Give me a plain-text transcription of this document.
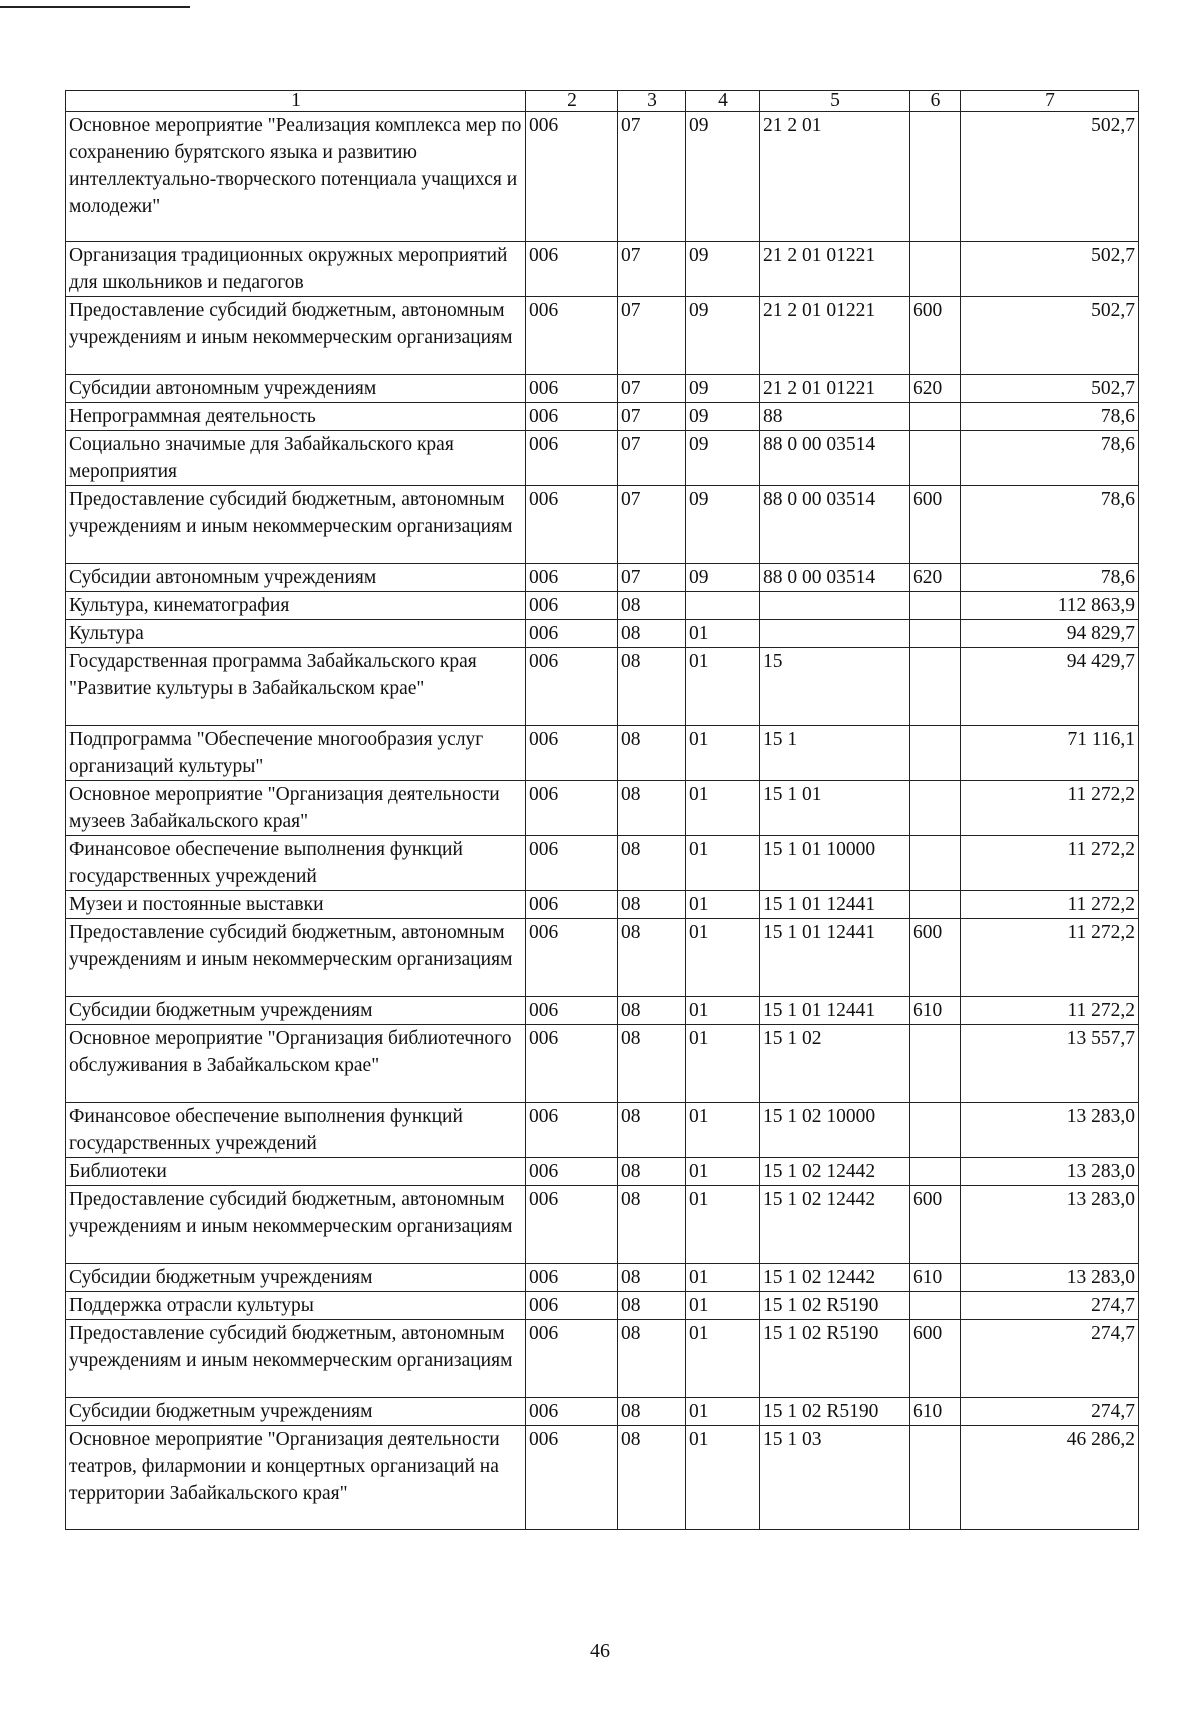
1	2	3	4	5	6	7
Основное мероприятие "Реализация комплекса мер по сохранению бурятского языка и развитию интеллектуально-творческого потенциала учащихся и молодежи"	006	07	09	21 2 01		502,7
Организация традиционных окружных мероприятий для школьников и педагогов	006	07	09	21 2 01 01221		502,7
Предоставление субсидий бюджетным, автономным учреждениям и иным некоммерческим организациям	006	07	09	21 2 01 01221	600	502,7
Субсидии автономным учреждениям	006	07	09	21 2 01 01221	620	502,7
Непрограммная деятельность	006	07	09	88		78,6
Социально значимые для Забайкальского края мероприятия	006	07	09	88 0 00 03514		78,6
Предоставление субсидий бюджетным, автономным учреждениям и иным некоммерческим организациям	006	07	09	88 0 00 03514	600	78,6
Субсидии автономным учреждениям	006	07	09	88 0 00 03514	620	78,6
Культура, кинематография	006	08				112 863,9
Культура	006	08	01			94 829,7
Государственная программа Забайкальского края "Развитие культуры в Забайкальском крае"	006	08	01	15		94 429,7
Подпрограмма "Обеспечение многообразия услуг организаций культуры"	006	08	01	15 1		71 116,1
Основное мероприятие "Организация деятельности музеев Забайкальского края"	006	08	01	15 1 01		11 272,2
Финансовое обеспечение выполнения функций государственных учреждений	006	08	01	15 1 01 10000		11 272,2
Музеи и постоянные выставки	006	08	01	15 1 01 12441		11 272,2
Предоставление субсидий бюджетным, автономным учреждениям и иным некоммерческим организациям	006	08	01	15 1 01 12441	600	11 272,2
Субсидии бюджетным учреждениям	006	08	01	15 1 01 12441	610	11 272,2
Основное мероприятие "Организация библиотечного обслуживания в Забайкальском крае"	006	08	01	15 1 02		13 557,7
Финансовое обеспечение выполнения функций государственных учреждений	006	08	01	15 1 02 10000		13 283,0
Библиотеки	006	08	01	15 1 02 12442		13 283,0
Предоставление субсидий бюджетным, автономным учреждениям и иным некоммерческим организациям	006	08	01	15 1 02 12442	600	13 283,0
Субсидии бюджетным учреждениям	006	08	01	15 1 02 12442	610	13 283,0
Поддержка отрасли культуры	006	08	01	15 1 02 R5190		274,7
Предоставление субсидий бюджетным, автономным учреждениям и иным некоммерческим организациям	006	08	01	15 1 02 R5190	600	274,7
Субсидии бюджетным учреждениям	006	08	01	15 1 02 R5190	610	274,7
Основное мероприятие "Организация деятельности театров, филармонии и концертных организаций на территории Забайкальского края"	006	08	01	15 1 03		46 286,2
46
